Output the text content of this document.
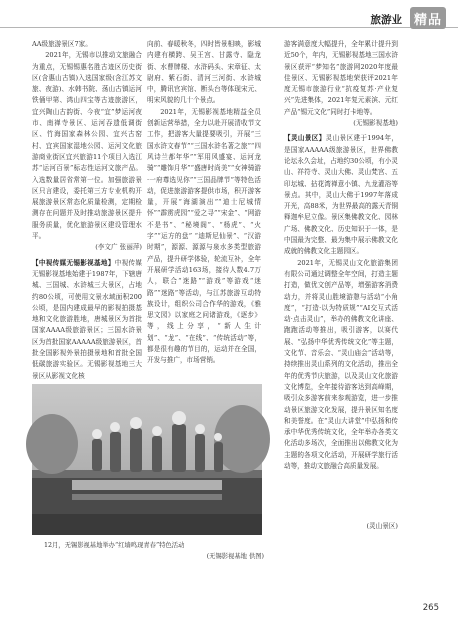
旅游业 精品

AA级旅游景区7家。

2021年，无锡市以推动文旅融合为重点，无锡锡惠名胜古迹区历史街区(含惠山古镇)入选国家级(含江苏文旅、夜游)、水韩书院、荡山古镇运河铁俑甲第、鸿山四宝等古迹旅游区，宜兴陶山古韵街、今夜“宜”梦运河夜市、南禅寺景区、运河吞遗低调街区、竹海国家森林公园、宜兴古窑村、宜宾国家湿地公园、运河文化旅游商业街区宜兴旅游11个项目入选江苏“运河百景”标志性运河文旅产品。入选数量居省常第一位。加强旅游景区只言建设，委托第三方专业机构开展旅游景区常态化质量检测，定期检测存在问题并及时推动旅游景区提升服务质量，优化旅游景区建设管理水平。

(李文广 张丽萍)

【中视传媒无锡影视基地】中视传媒无锡影视基地始建于1987年，下辖唐城、三国城、水浒城三大景区，占地约80公顷，可使用文景水域面积200公顷，是国内建成最早的影视拍摄基地和文化旅游胜地，唐城景区为首批国家AAAA级旅游景区；三国水浒景区为首批国家AAAAA级旅游景区，首批全国影视外景拍摄景地和首批全国低碳旅游实验区。无锡影视基地三大景区从影视文化核

向前、春暖秋冬，四时皆景相映，影城内建有横跨、吴王宫、甘露寺、隐龙街、水曹牌楼、水浒码头、宋章征、太尉府、紫石街、清河三河街、水浒城中，腾讯官宾馆、断头台等体现宋元、明宋风貌的几十个景点。

2021年，无锡影视基地精益全员创新运营举措，全力以赴开展清收节文工作，把游客大量提要吸引，开展“三国水浒文春节”“三国水浒名著之旅”“四风诗兰都年华”“军用风盛宴、运河龙骑”“雕饰月华”“盛唐时尚美”“女神骑游·一府尊选见你”“三国品牌节”等特色活动，促进旅游游客提供市场，积开游客量，开展“海湖演出”“迪士尼城情怀”“霹雳虎园”“爱之寻”“宋金”、“网游不是书”、“秘境阁”、“杨虎”、“火字”“运方的盘” “迪斯尼仙景”、“汉游时期”，源源、源源与泉水多类型旅游产品，提升研学体验，轮流互补，全年开展研学活动163场，接待人数4.7万人，联合“迷路”“游戏”等游戏“迷路”“迷路”等活动，与江苏旅游互动特族设计，组织公司合作华的游戏，《雅思文园》以家庭之问诸游戏，《逐步》等，线上分享，“新人生计划”、“龙”、“在线”、“传统活动”等，都是很有趣的节目的，运动并在全国，开发与推广，市场营销。

12月，无锡影视基地举办“红墙鸣现青春”特色活动
(无锡影视基地 供图)

游客满意度大幅提升，全年累计提升到近50个，年内，无锡影视基地三国水浒景区获评“梦知名”旅游网2020年度最佳景区、无锡影视基地荣获评2021年度无锡市旅游行业“抗疫复苏·产业复兴”先进集体，2021年复元素滨、元红产品“锡元文化”同时打卡地等。

(无锡影视基地)

【灵山景区】灵山景区建于1994年，是国家AAAAA级旅游景区，世界佛教论坛永久会址，占地约30公顷，有小灵山、祥符寺、灵山大佛、灵山梵宫、五印坛城、拈花湾禅意小镇、九龙灌浴等景点。其中，灵山大佛于1997年落成开光，高88米，为世界最高的露天青铜释迦牟尼立像。景区集佛教文化、园林广场、佛教文化、历史知识于一体，是中国最为完整、最为集中展示佛教文化成就的佛教文化主题园区。

2021年，无锡灵山文化旅游集团有限公司通过调整全年空间，打造主题打造，做优文创产品等，增强游客消费动力，并将灵山胜境游憩与活动“小角度”，“打造·以为特质规”“AI交互式活动·点击灵山”，举办的佛教文化讲座、跑跑活动等推出，吸引游客，以赛代展、“弘扬中华优秀传统文化”等主题，文化节、音乐会、“灵山庙会”活动等，持续推出灵山系列的文化活动，推出全年的优秀节庆旅游，以及灵山文化旅游文化博览，全年接待游客达到高峰期，吸引众多游客前来参观游览，进一步推动景区旅游文化发展，提升景区知名度和美誉度。在“灵山大讲堂”中弘扬和传承中华优秀传统文化，全年举办各类文化活动多场次，全面推出以佛教文化为主题的各项文化活动，开展研学旅行活动等，推动文旅融合高质量发展。

(灵山景区)

265
